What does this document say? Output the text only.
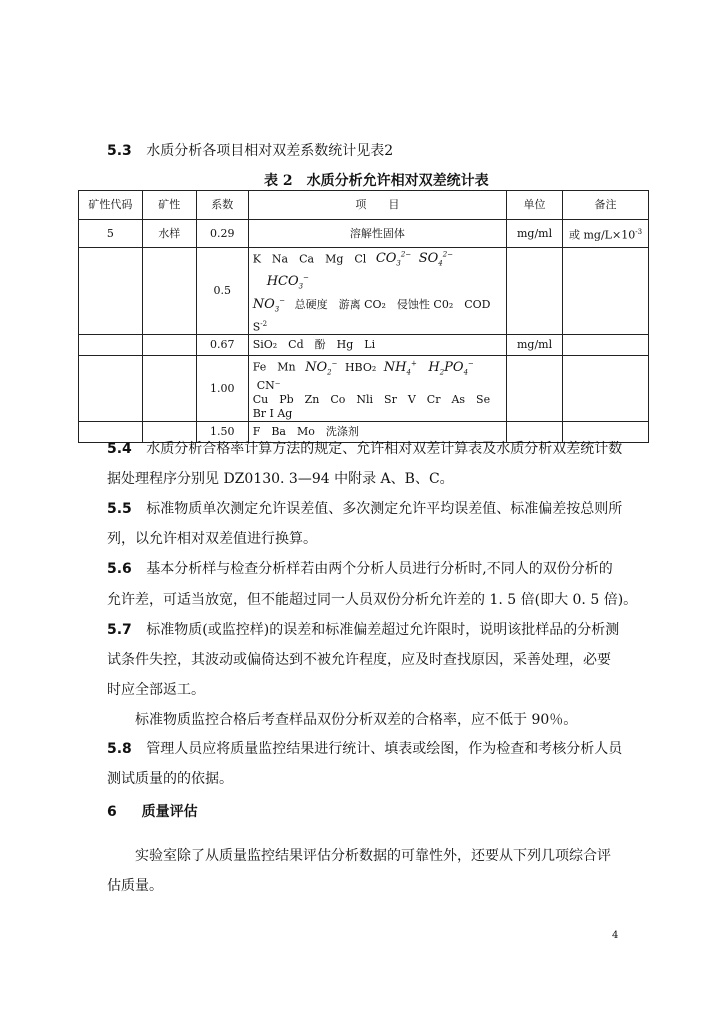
5.3 水质分析各项目相对双差系数统计见表2
表 2　水质分析允许相对双差统计表
矿性代码	矿性	系数	项　　目	单位	备注
5	水样	0.29	溶解性固体	mg/ml	或 $mg/L\times 10^{-3}$
		0.5	K　Na　Ca　Mg　Cl $CO_3^{2-}$ $SO_4^{2-}$ $HCO_3^-$
$NO_3^-$ 总硬度　游离 CO₂　侵蚀性 C0₂　COD
$S^{-2}$

		0.67	SiO₂　Cd　酚　Hg　Li	mg/ml	
		1.00	Fe　Mn $NO_2^-$ HBO₂ $NH_4^+$ $H_2PO_4^-$ CN⁻
Cu　Pb　Zn　Co　Nli　Sr　V　Cr　As　Se
Br I Ag		

		1.50	F　Ba　Mo　洗涤剂		
5.4 水质分析合格率计算方法的规定、允许相对双差计算表及水质分析双差统计数
据处理程序分别见 DZ0130. 3—94 中附录 A、B、C。
5.5 标准物质单次测定允许误差值、多次测定允许平均误差值、标准偏差按总则所
列，以允许相对双差值进行换算。
5.6 基本分析样与检查分析样若由两个分析人员进行分析时,不同人的双份分析的
允许差，可适当放宽，但不能超过同一人员双份分析允许差的 1. 5 倍(即大 0. 5 倍)。
5.7 标准物质(或监控样)的误差和标准偏差超过允许限时，说明该批样品的分析测
试条件失控，其波动或偏倚达到不被允许程度，应及时查找原因，采善处理，必要
时应全部返工。
标准物质监控合格后考查样品双份分析双差的合格率，应不低于 90％。
5.8 管理人员应将质量监控结果进行统计、填表或绘图，作为检查和考核分析人员
测试质量的的依据。
6 质量评估
实验室除了从质量监控结果评估分析数据的可靠性外，还要从下列几项综合评
估质量。
4
